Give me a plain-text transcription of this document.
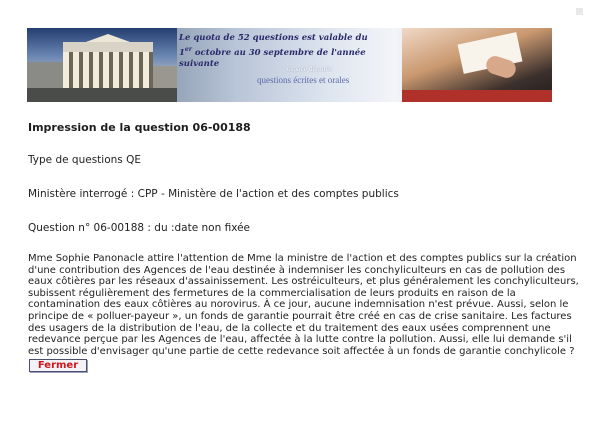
Le quota de 52 questions est valable du
1er octobre au 30 septembre de l'année
suivante	espace députés
questions écrites et orales
Impression de la question 06-00188
Type de questions QE
Ministère interrogé : CPP - Ministère de l'action et des comptes publics
Question n° 06-00188 : du :date non fixée
Mme Sophie Panonacle attire l'attention de Mme la ministre de l'action et des comptes publics sur la création d'une contribution des Agences de l'eau destinée à indemniser les conchyliculteurs en cas de pollution des eaux côtières par les réseaux d'assainissement. Les ostréiculteurs, et plus généralement les conchyliculteurs, subissent régulièrement des fermetures de la commercialisation de leurs produits en raison de la contamination des eaux côtières au norovirus. À ce jour, aucune indemnisation n'est prévue. Aussi, selon le principe de « polluer-payeur », un fonds de garantie pourrait être créé en cas de crise sanitaire. Les factures des usagers de la distribution de l'eau, de la collecte et du traitement des eaux usées comprennent une redevance perçue par les Agences de l'eau, affectée à la lutte contre la pollution. Aussi, elle lui demande s'il est possible d'envisager qu'une partie de cette redevance soit affectée à un fonds de garantie conchylicole ?
Fermer
